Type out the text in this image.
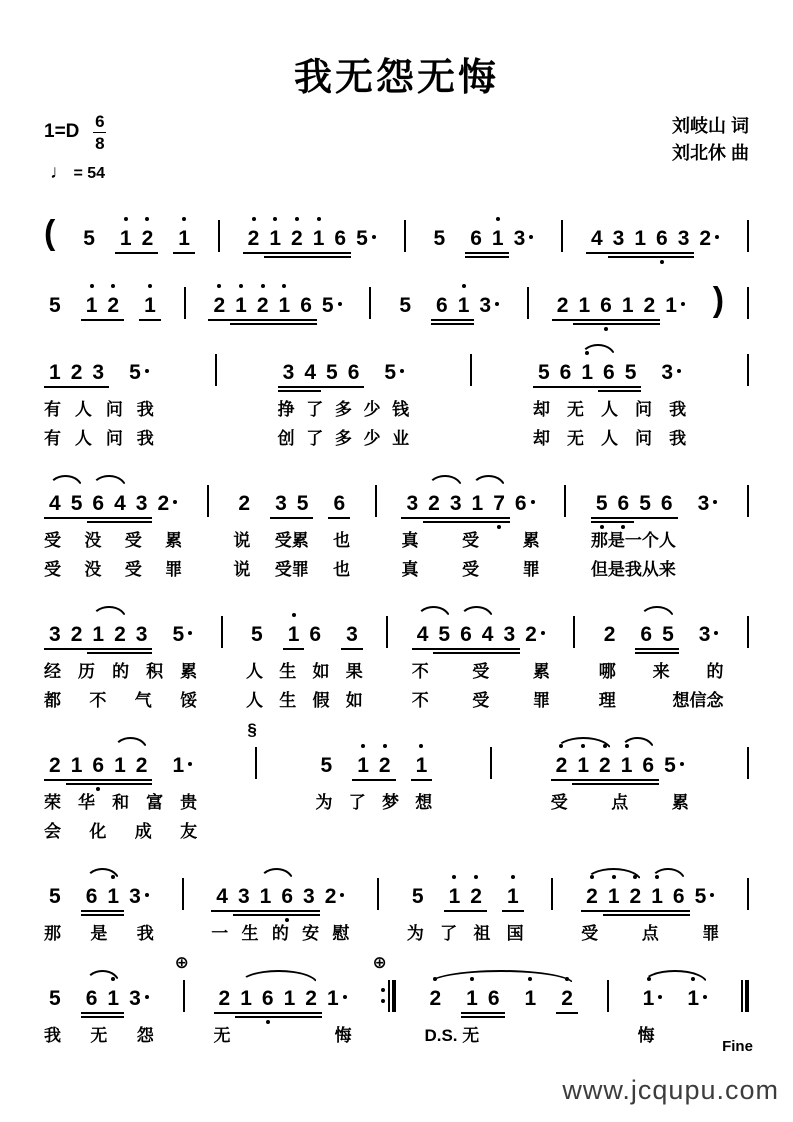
我无怨无悔
1=D 6
8
♩ = 54
刘岐山 词
刘北休 曲
( 5 1 2 1	2 1 2 1 6 5	5 6 1 3	4 3 1 6 3 2
5 1 2 1	2 1 2 1 6 5	5 6 1 3	2 1 6 1 2 1	)
1 2 3 5
有 人 问 我
有 人 问 我
3 4 5 6 5
挣 了 多 少 钱
创 了 多 少 业
5 6 1 6 5 3
却 无 人 问 我
却 无 人 问 我
4 5 6 4 3 2
受 没 受 累
受 没 受 罪
2 3 5 6
说 受累 也
说 受罪 也
3 2 3 1 7 6
真	受	累
真	受	罪
5 6 5 6 3
那是一个人
但是我从来
3 2 1 2 3 5
经 历 的 积 累
都 不 气 馁
5 1 6 3
人 生 如 果
人 生 假 如
4 5 6 4 3 2
不	受	累
不	受	罪
2 6 5 3
哪 来 的
理	想信念
2 1 6 1 2 1
荣 华 和 富 贵
会 化 成 友
§
5 1 2 1
为 了 梦 想
2 1 2 1 6 5
受	点	累
5 6 1 3
那 是 我
4 3 1 6 3 2
一 生 的 安 慰
5 1 2 1
为 了 祖 国
2 1 2 1 6 5
受	点	罪
5 6 1 3
我 无 怨
⊕
2 1 6 1 2 1
无	悔
⊕
2 1 6 1 2
D.S. 无
1	1
悔
Fine
www.jcqupu.com
